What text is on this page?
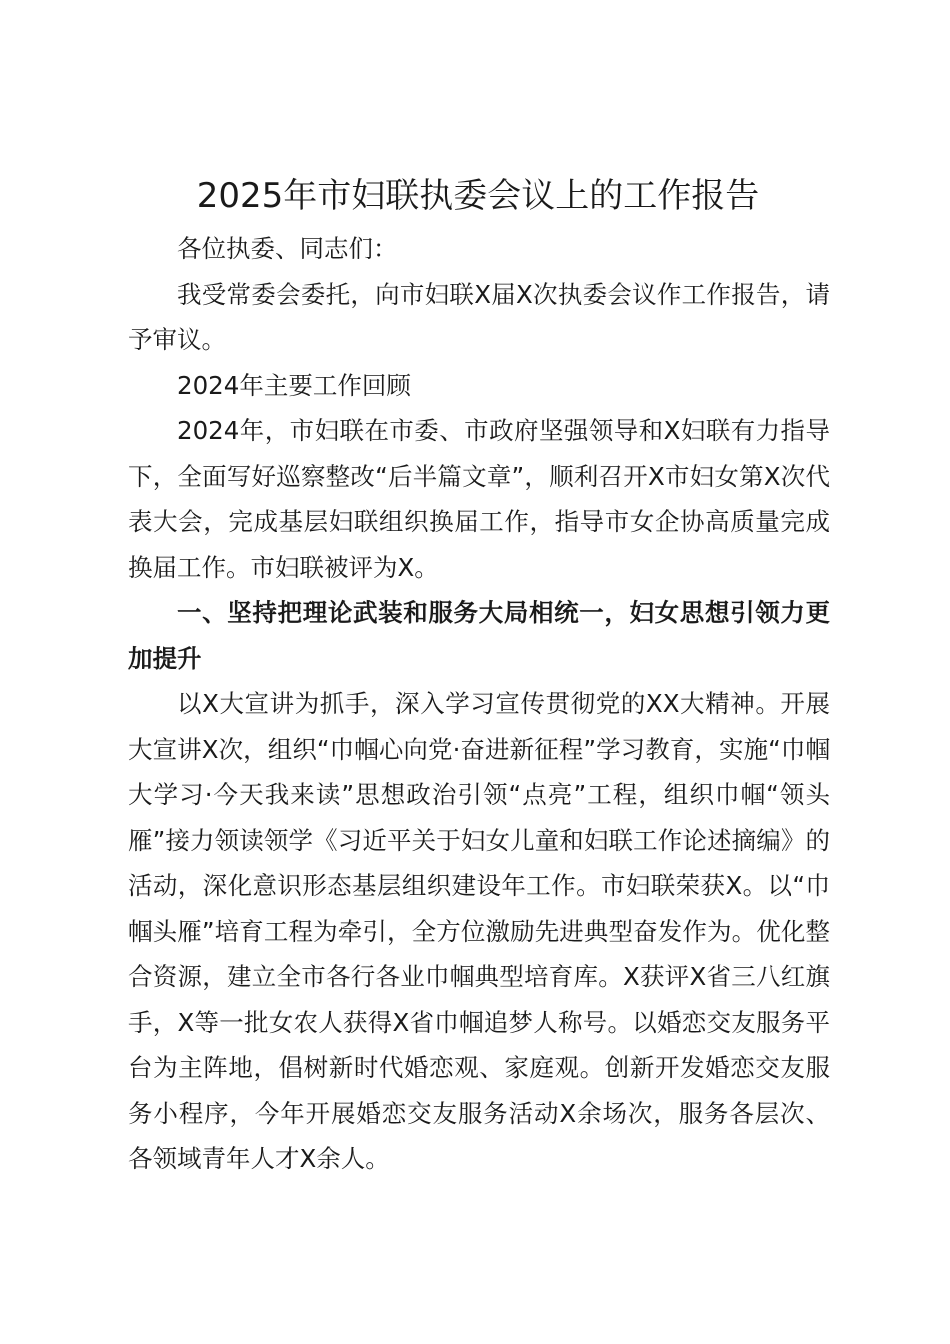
2025年市妇联执委会议上的工作报告

各位执委、同志们：

我受常委会委托，向市妇联X届X次执委会议作工作报告，请予审议。

2024年主要工作回顾

2024年，市妇联在市委、市政府坚强领导和X妇联有力指导下，全面写好巡察整改“后半篇文章”，顺利召开X市妇女第X次代表大会，完成基层妇联组织换届工作，指导市女企协高质量完成换届工作。市妇联被评为X。

一、坚持把理论武装和服务大局相统一，妇女思想引领力更加提升

以X大宣讲为抓手，深入学习宣传贯彻党的XX大精神。开展大宣讲X次，组织“巾帼心向党·奋进新征程”学习教育，实施“巾帼大学习·今天我来读”思想政治引领“点亮”工程，组织巾帼“领头雁”接力领读领学《习近平关于妇女儿童和妇联工作论述摘编》的活动，深化意识形态基层组织建设年工作。市妇联荣获X。以“巾帼头雁”培育工程为牵引，全方位激励先进典型奋发作为。优化整合资源，建立全市各行各业巾帼典型培育库。X获评X省三八红旗手，X等一批女农人获得X省巾帼追梦人称号。以婚恋交友服务平台为主阵地，倡树新时代婚恋观、家庭观。创新开发婚恋交友服务小程序，今年开展婚恋交友服务活动X余场次，服务各层次、各领域青年人才X余人。
